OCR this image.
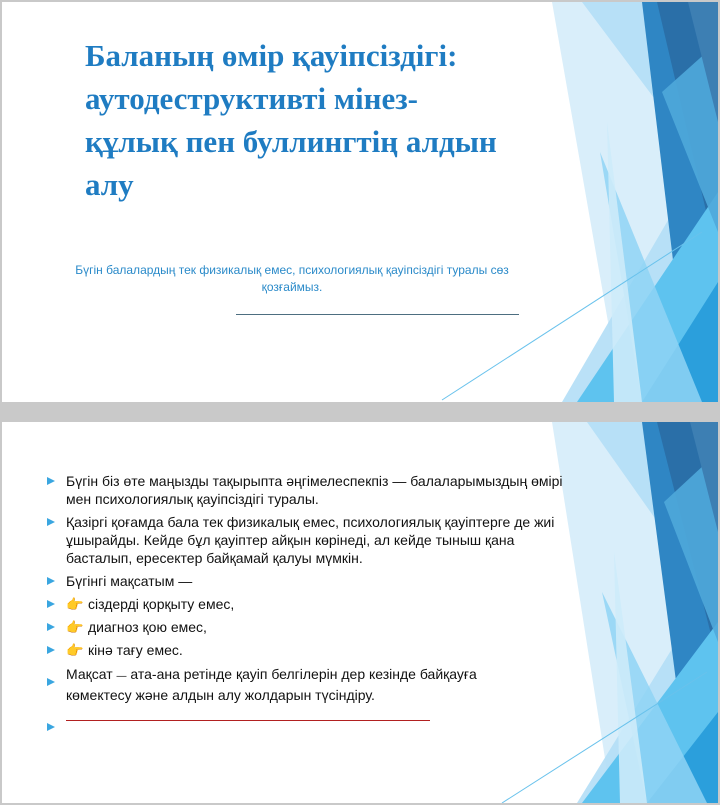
Баланың өмір қауіпсіздігі:
аутодеструктивті мінез-
құлық пен буллингтің алдын
алу

Бүгін балалардың тек физикалық емес, психологиялық қауіпсіздігі туралы сөз қозғаймыз.

Бүгін біз өте маңызды тақырыпта әңгімелеспекпіз — балаларымыздың өмірі мен психологиялық қауіпсіздігі туралы.
Қазіргі қоғамда бала тек физикалық емес, психологиялық қауіптерге де жиі ұшырайды. Кейде бұл қауіптер айқын көрінеді, ал кейде тыныш қана басталып, ересектер байқамай қалуы мүмкін.
Бүгінгі мақсатым —
👉 сіздерді қорқыту емес,
👉 диагноз қою емес,
👉 кінә тағу емес.
Мақсат — ата-ана ретінде қауіп белгілерін дер кезінде байқауға
көмектесу және алдын алу жолдарын түсіндіру.
